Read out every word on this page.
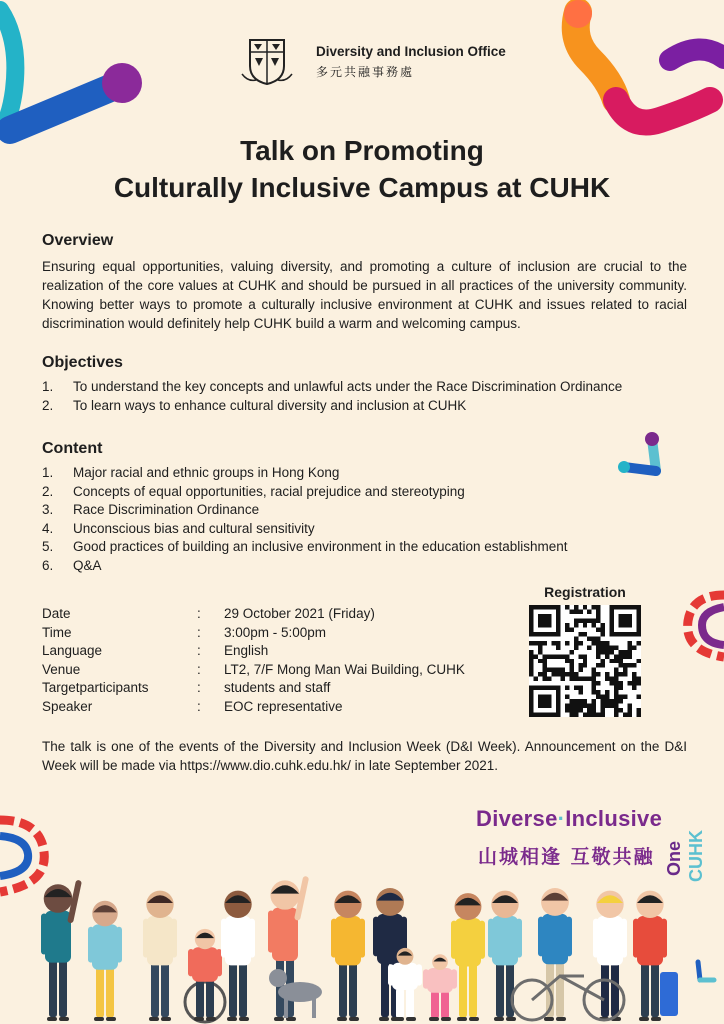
Diversity and Inclusion Office
多元共融事務處
Talk on Promoting
Culturally Inclusive Campus at CUHK
Overview
Ensuring equal opportunities, valuing diversity, and promoting a culture of inclusion are crucial to the realization of the core values at CUHK and should be pursued in all practices of the university community. Knowing better ways to promote a culturally inclusive environment at CUHK and issues related to racial discrimination would definitely help CUHK build a warm and welcoming campus.
Objectives
1. To understand the key concepts and unlawful acts under the Race Discrimination Ordinance
2. To learn ways to enhance cultural diversity and inclusion at CUHK
Content
1. Major racial and ethnic groups in Hong Kong
2. Concepts of equal opportunities, racial prejudice and stereotyping
3. Race Discrimination Ordinance
4. Unconscious bias and cultural sensitivity
5. Good practices of building an inclusive environment in the education establishment
6. Q&A
Date	: 29 October 2021 (Friday)
Time	: 3:00pm - 5:00pm
Language	: English
Venue	: LT2, 7/F Mong Man Wai Building, CUHK
Targetparticipants	: students and staff
Speaker	: EOC representative
Registration
The talk is one of the events of the Diversity and Inclusion Week (D&I Week). Announcement on the D&I Week will be made via https://www.dio.cuhk.edu.hk/ in late September 2021.
Diverse·Inclusive
山城相逢 互敬共融 One CUHK
